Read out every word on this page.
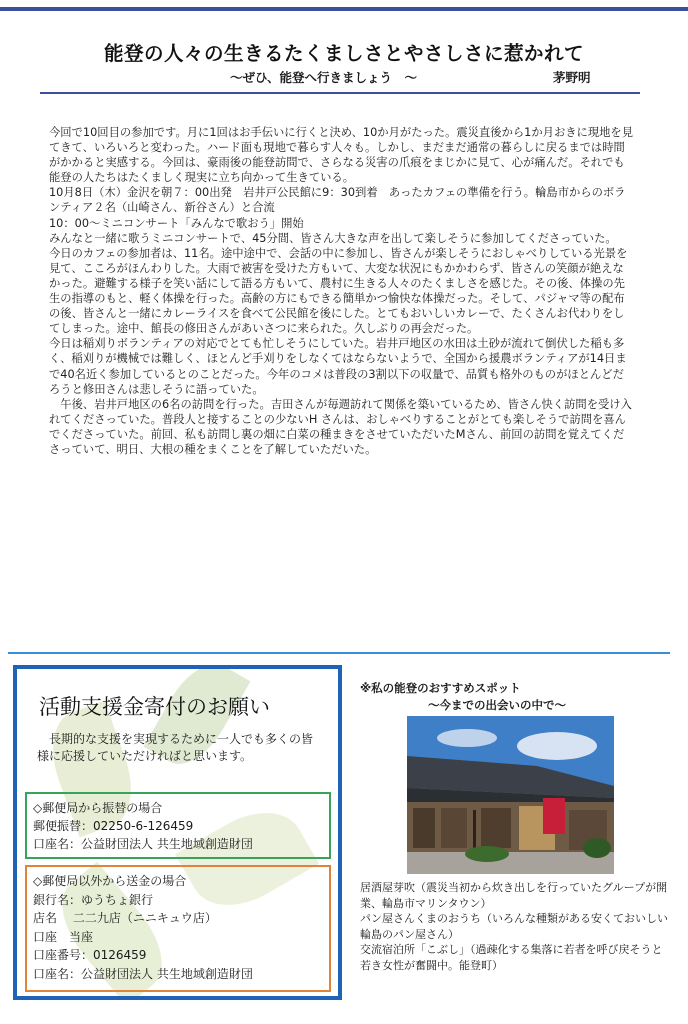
能登の人々の生きるたくましさとやさしさに惹かれて
～ぜひ、能登へ行きましょう　～	茅野明

今回で10回目の参加です。月に1回はお手伝いに行くと決め、10か月がたった。震災直後から1か月おきに現地を見てきて、いろいろと変わった。ハード面も現地で暮らす人々も。しかし、まだまだ通常の暮らしに戻るまでは時間がかかると実感する。今回は、豪雨後の能登訪問で、さらなる災害の爪痕をまじかに見て、心が痛んだ。それでも能登の人たちはたくましく現実に立ち向かって生きている。

10月8日（木）金沢を朝７：00出発　岩井戸公民館に9：30到着　あったカフェの準備を行う。輪島市からのボランティア２名（山崎さん、新谷さん）と合流

10：00～ミニコンサート「みんなで歌おう」開始

みんなと一緒に歌うミニコンサートで、45分間、皆さん大きな声を出して楽しそうに参加してくださっていた。

今日のカフェの参加者は、11名。途中途中で、会話の中に参加し、皆さんが楽しそうにおしゃべりしている光景を見て、こころがほんわりした。大雨で被害を受けた方もいて、大変な状況にもかかわらず、皆さんの笑顔が絶えなかった。避難する様子を笑い話にして語る方もいて、農村に生きる人々のたくましさを感じた。その後、体操の先生の指導のもと、軽く体操を行った。高齢の方にもできる簡単かつ愉快な体操だった。そして、パジャマ等の配布の後、皆さんと一緒にカレーライスを食べて公民館を後にした。とてもおいしいカレーで、たくさんお代わりをしてしまった。途中、館長の修田さんがあいさつに来られた。久しぶりの再会だった。

今日は稲刈りボランティアの対応でとても忙しそうにしていた。岩井戸地区の水田は土砂が流れて倒伏した稲も多く、稲刈りが機械では難しく、ほとんど手刈りをしなくてはならないようで、全国から援農ボランティアが14日まで40名近く参加しているとのことだった。今年のコメは普段の3割以下の収量で、品質も格外のものがほとんどだろうと修田さんは悲しそうに語っていた。

　午後、岩井戸地区の6名の訪問を行った。吉田さんが毎週訪れて関係を築いているため、皆さん快く訪問を受け入れてくださっていた。普段人と接することの少ないH さんは、おしゃべりすることがとても楽しそうで訪問を喜んでくださっていた。前回、私も訪問し裏の畑に白菜の種まきをさせていただいたMさん、前回の訪問を覚えてくださっていて、明日、大根の種をまくことを了解していただいた。

活動支援金寄付のお願い
長期的な支援を実現するために一人でも多くの皆様に応援していただければと思います。
◇郵便局から振替の場合
郵便振替：02250-6-126459
口座名：公益財団法人 共生地域創造財団
◇郵便局以外から送金の場合
銀行名：ゆうちょ銀行
店名　 二二九店（ニニキュウ店）
口座　当座
口座番号：0126459
口座名：公益財団法人 共生地域創造財団
※私の能登のおすすめスポット
～今までの出会いの中で～
居酒屋芽吹（震災当初から炊き出しを行っていたグループが開業、輪島市マリンタウン）
パン屋さんくまのおうち（いろんな種類がある安くておいしい輪島のパン屋さん）
交流宿泊所「こぶし」（過疎化する集落に若者を呼び戻そうと若き女性が奮闘中。能登町）
